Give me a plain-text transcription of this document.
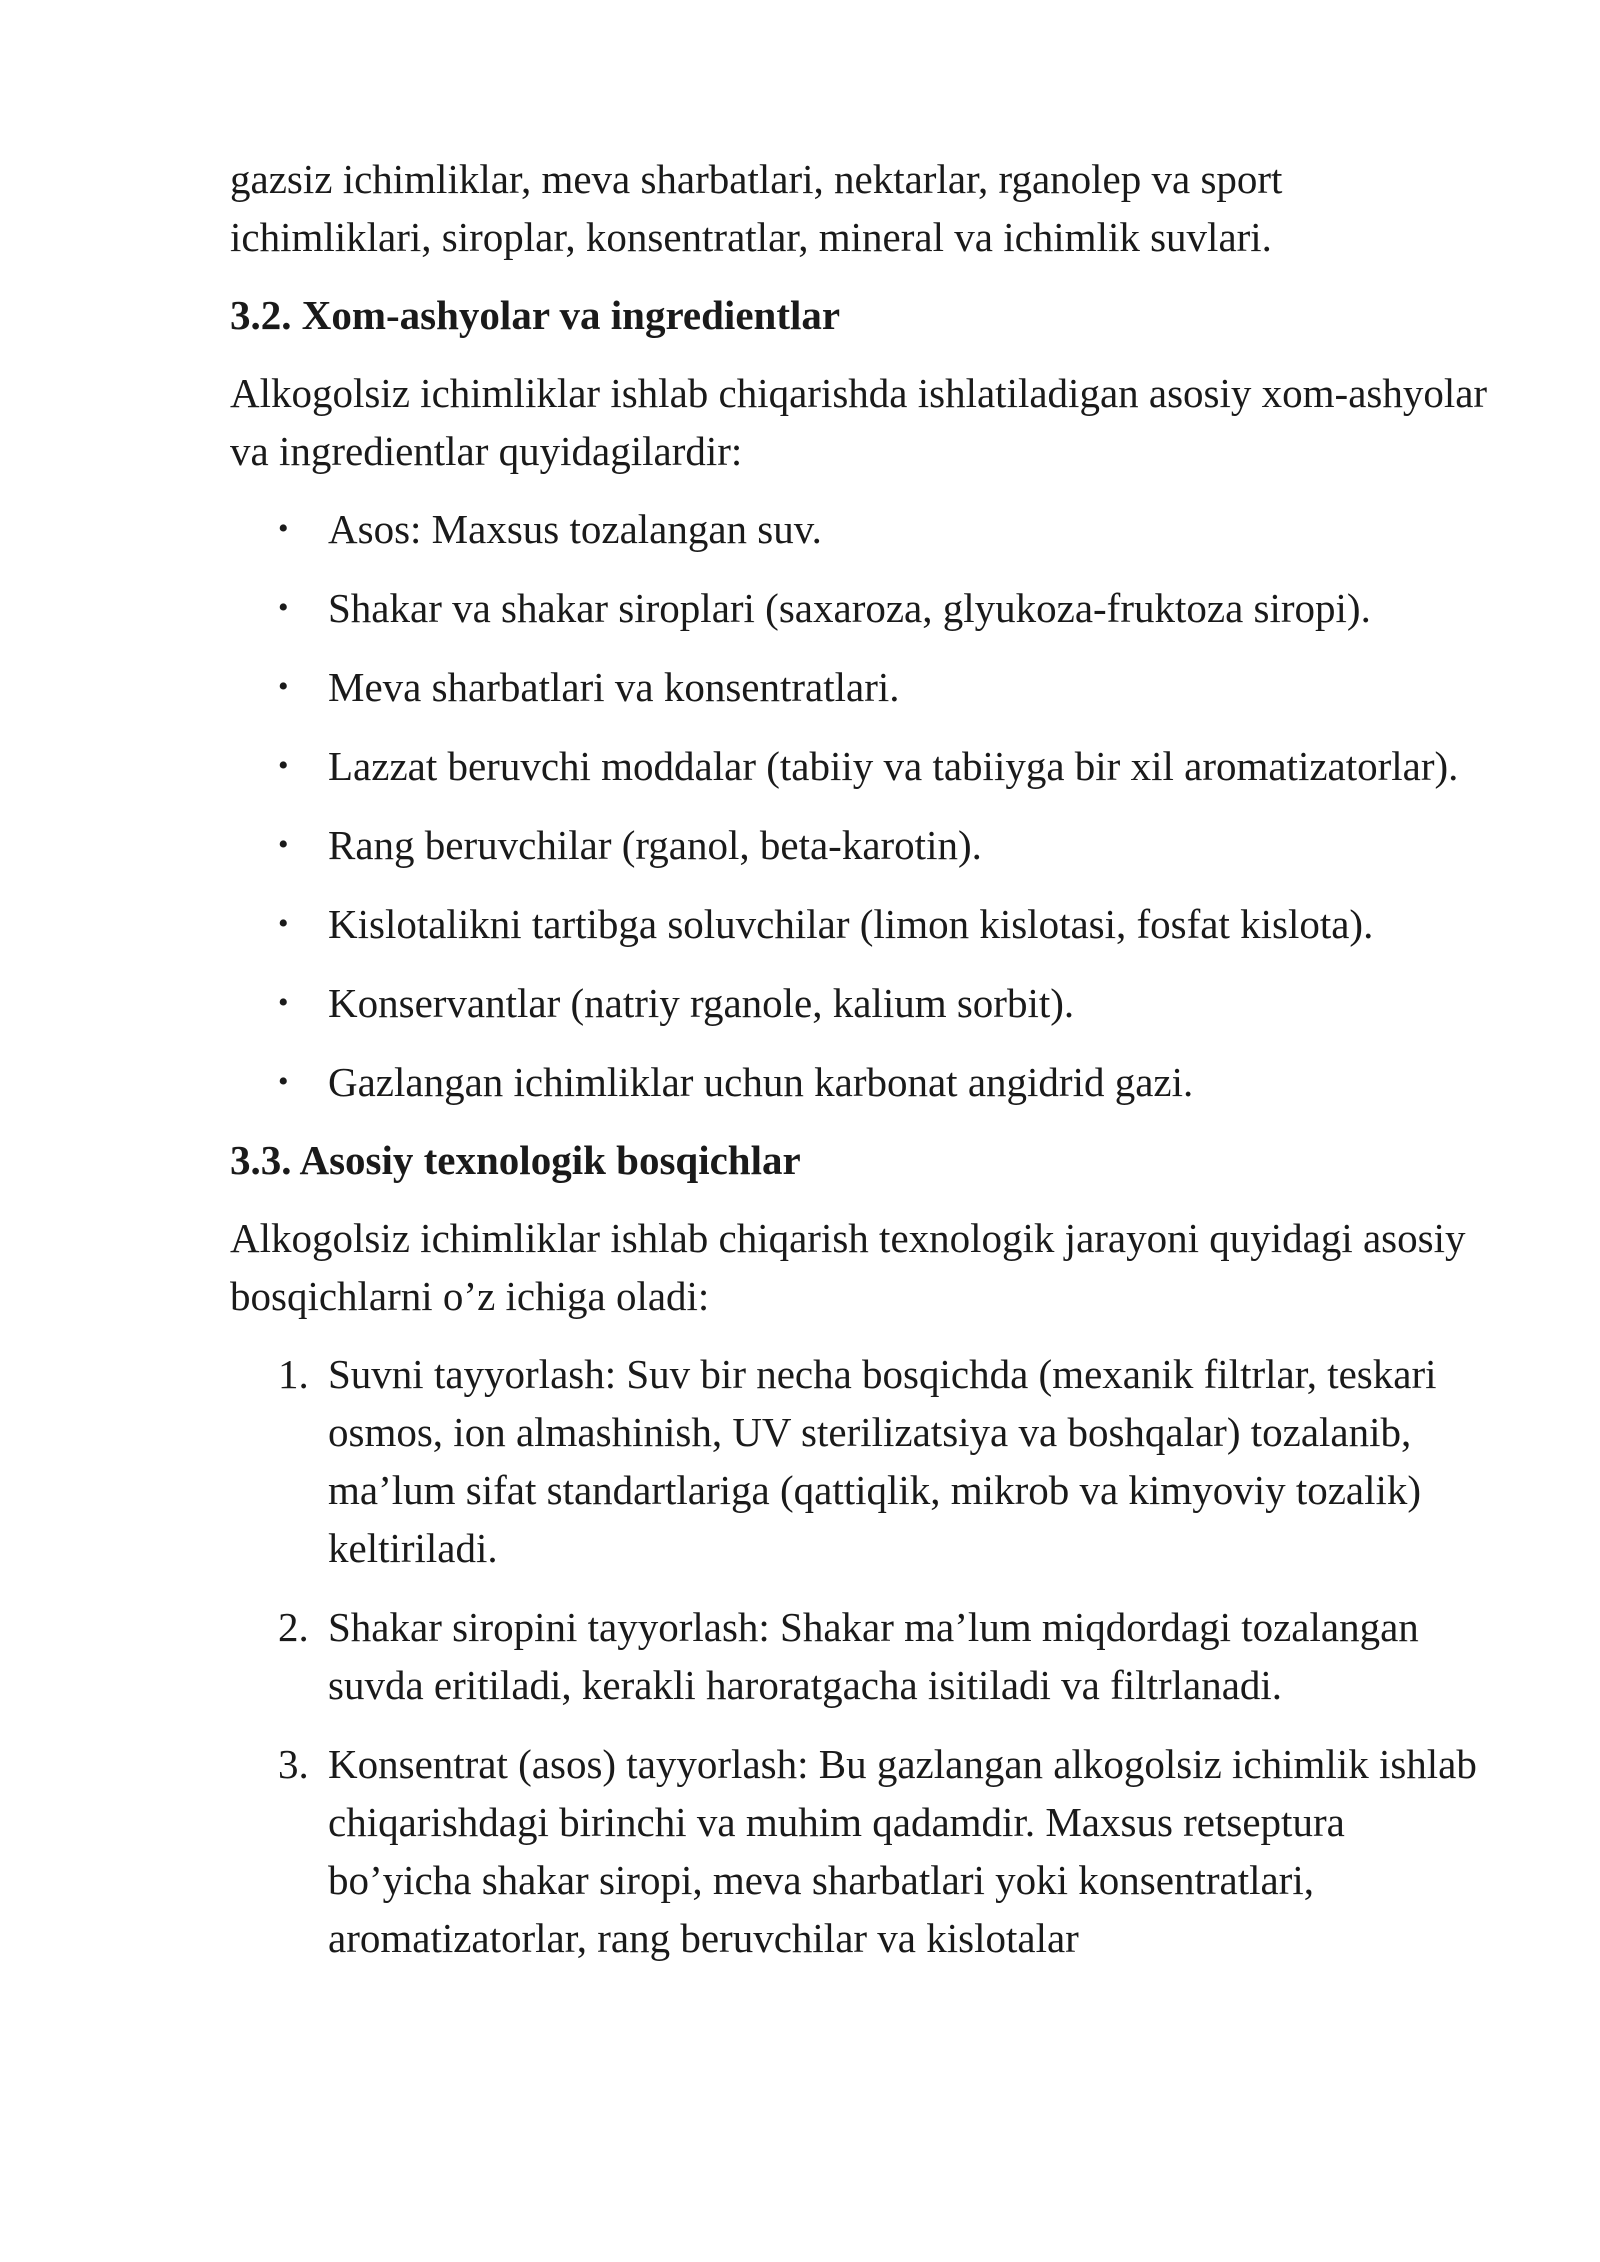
gazsiz ichimliklar, meva sharbatlari, nektarlar, rganolep va sport ichimliklari, siroplar, konsentratlar, mineral va ichimlik suvlari.

3.2. Xom-ashyolar va ingredientlar

Alkogolsiz ichimliklar ishlab chiqarishda ishlatiladigan asosiy xom-ashyolar va ingredientlar quyidagilardir:

• Asos: Maxsus tozalangan suv.
• Shakar va shakar siroplari (saxaroza, glyukoza-fruktoza siropi).
• Meva sharbatlari va konsentratlari.
• Lazzat beruvchi moddalar (tabiiy va tabiiyga bir xil aromatizatorlar).
• Rang beruvchilar (rganol, beta-karotin).
• Kislotalikni tartibga soluvchilar (limon kislotasi, fosfat kislota).
• Konservantlar (natriy rganole, kalium sorbit).
• Gazlangan ichimliklar uchun karbonat angidrid gazi.
3.3. Asosiy texnologik bosqichlar

Alkogolsiz ichimliklar ishlab chiqarish texnologik jarayoni quyidagi asosiy bosqichlarni o’z ichiga oladi:

1. Suvni tayyorlash: Suv bir necha bosqichda (mexanik filtrlar, teskari osmos, ion almashinish, UV sterilizatsiya va boshqalar) tozalanib, ma’lum sifat standartlariga (qattiqlik, mikrob va kimyoviy tozalik) keltiriladi.
2. Shakar siropini tayyorlash: Shakar ma’lum miqdordagi tozalangan suvda eritiladi, kerakli haroratgacha isitiladi va filtrlanadi.
3. Konsentrat (asos) tayyorlash: Bu gazlangan alkogolsiz ichimlik ishlab chiqarishdagi birinchi va muhim qadamdir. Maxsus retseptura bo’yicha shakar siropi, meva sharbatlari yoki konsentratlari, aromatizatorlar, rang beruvchilar va kislotalar
